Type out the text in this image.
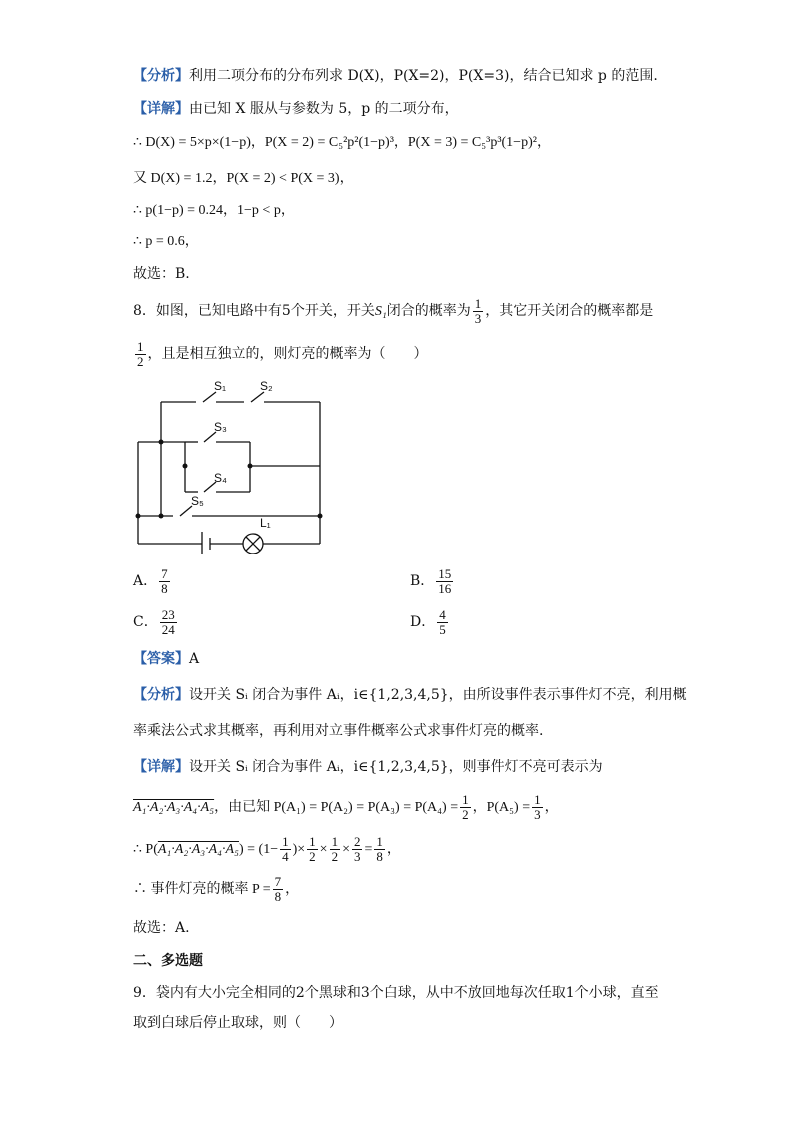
【分析】利用二项分布的分布列求 D(X)，P(X=2)，P(X=3)，结合已知求 p 的范围.
【详解】由已知 X 服从与参数为 5，p 的二项分布，
∴ D(X) = 5×p×(1−p)，P(X = 2) = C₅²p²(1−p)³，P(X = 3) = C₅³p³(1−p)²，
又 D(X) = 1.2，P(X = 2) < P(X = 3)，
∴ p(1−p) = 0.24，1−p < p，
∴ p = 0.6，
故选：B.
8．如图，已知电路中有5个开关，开关S₁闭合的概率为 $\frac{1}{3}$ ，其它开关闭合的概率都是
$\frac{1}{2}$ ，且是相互独立的，则灯亮的概率为（　　）
S₁	S₂
S₃
S₄
S₅
L₁
A． $\frac{7}{8}$	B． $\frac{15}{16}$
C． $\frac{23}{24}$	D． $\frac{4}{5}$
【答案】A
【分析】设开关 Sᵢ 闭合为事件 Aᵢ，i∈{1,2,3,4,5}，由所设事件表示事件灯不亮，利用概
率乘法公式求其概率，再利用对立事件概率公式求事件灯亮的概率.
【详解】设开关 Sᵢ 闭合为事件 Aᵢ，i∈{1,2,3,4,5}，则事件灯不亮可表示为
A₁·A₂·A₃·A₄·A₅，由已知 $P(A_1) = P(A_2) = P(A_3) = P(A_4) = \frac{1}{2}$ ，$P(A_5) = \frac{1}{3}$ ，
∴ $P(A_1\cdot A_2\cdot A_3\cdot A_4\cdot A_5) = (1- \frac{1}{4}$ )× $\frac{1}{2} \times \frac{1}{2} \times \frac{2}{3} = \frac{1}{8}$ ，
∴ 事件灯亮的概率 $P = \frac{7}{8}$ ，
故选：A.
二、多选题
9．袋内有大小完全相同的2个黑球和3个白球，从中不放回地每次任取1个小球，直至
取到白球后停止取球，则（　　）
